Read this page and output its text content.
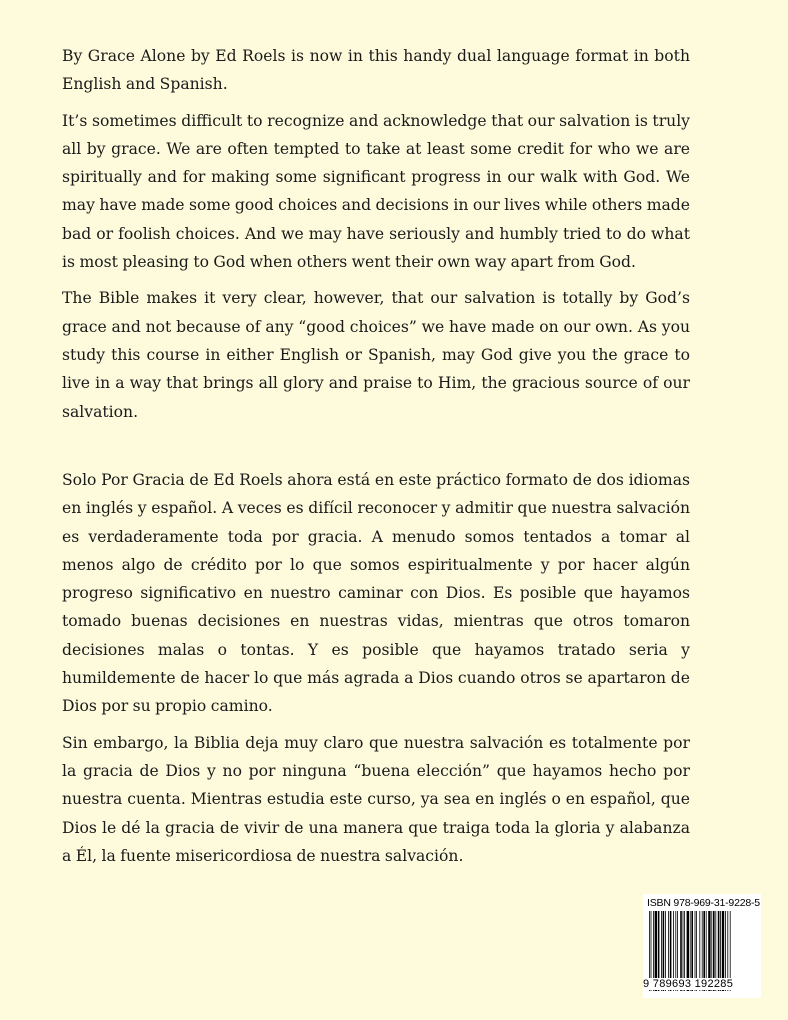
By Grace Alone by Ed Roels is now in this handy dual language format in both English and Spanish.

It’s sometimes difficult to recognize and acknowledge that our salvation is truly all by grace. We are often tempted to take at least some credit for who we are spiritually and for making some significant progress in our walk with God. We may have made some good choices and decisions in our lives while others made bad or foolish choices. And we may have seriously and humbly tried to do what is most pleasing to God when others went their own way apart from God.

The Bible makes it very clear, however, that our salvation is totally by God’s grace and not because of any “good choices” we have made on our own. As you study this course in either English or Spanish, may God give you the grace to live in a way that brings all glory and praise to Him, the gracious source of our salvation.

Solo Por Gracia de Ed Roels ahora está en este práctico formato de dos idiomas en inglés y español. A veces es difícil reconocer y admitir que nuestra salvación es verdaderamente toda por gracia. A menudo somos tentados a tomar al menos algo de crédito por lo que somos espiritualmente y por hacer algún progreso significativo en nuestro caminar con Dios. Es posible que hayamos tomado buenas decisiones en nuestras vidas, mientras que otros tomaron decisiones malas o tontas. Y es posible que hayamos tratado seria y humildemente de hacer lo que más agrada a Dios cuando otros se apartaron de Dios por su propio camino.

Sin embargo, la Biblia deja muy claro que nuestra salvación es totalmente por la gracia de Dios y no por ninguna “buena elección” que hayamos hecho por nuestra cuenta. Mientras estudia este curso, ya sea en inglés o en español, que Dios le dé la gracia de vivir de una manera que traiga toda la gloria y alabanza a Él, la fuente misericordiosa de nuestra salvación.

ISBN 978-969-31-9228-5
9 789693 192285
